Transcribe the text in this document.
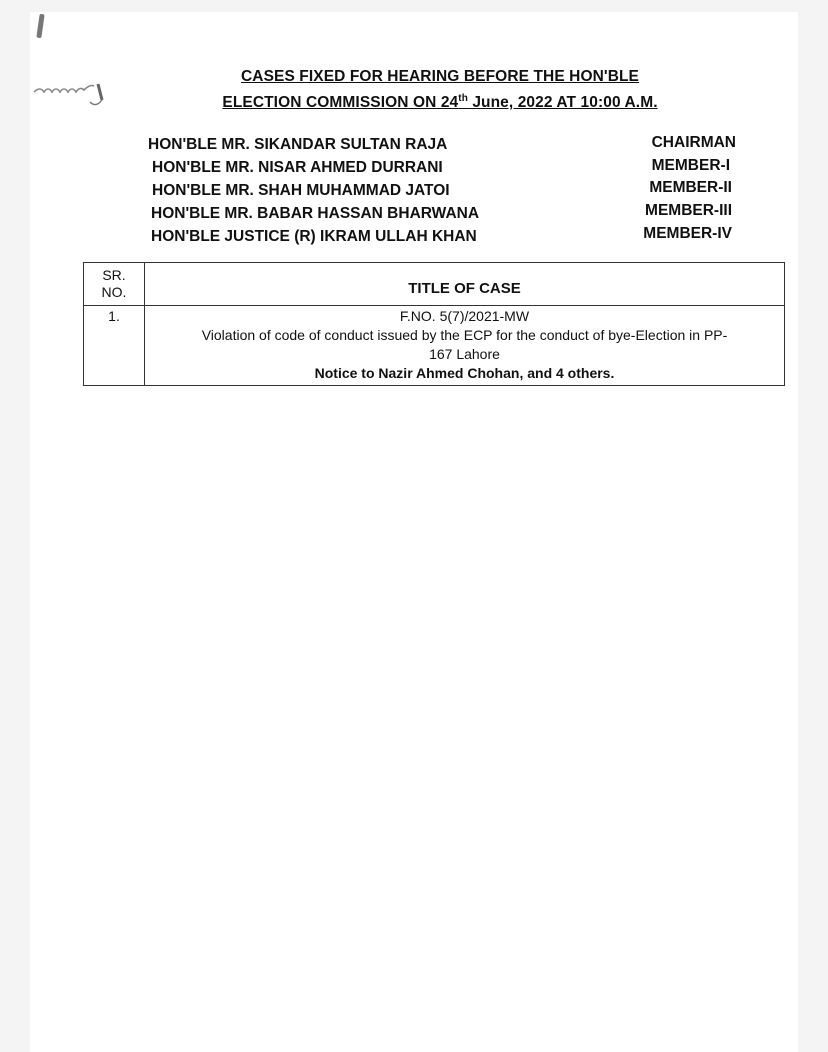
CASES FIXED FOR HEARING BEFORE THE HON'BLE
ELECTION COMMISSION ON 24th June, 2022 AT 10:00 A.M.
HON'BLE MR. SIKANDAR SULTAN RAJA	CHAIRMAN
HON'BLE MR. NISAR AHMED DURRANI	MEMBER-I
HON'BLE MR. SHAH MUHAMMAD JATOI	MEMBER-II
HON'BLE MR. BABAR HASSAN BHARWANA	MEMBER-III
HON'BLE JUSTICE (R) IKRAM ULLAH KHAN	MEMBER-IV
SR.
NO.	TITLE OF CASE
1.	F.NO. 5(7)/2021-MW
Violation of code of conduct issued by the ECP for the conduct of bye-Election in PP-
167 Lahore
Notice to Nazir Ahmed Chohan, and 4 others.
